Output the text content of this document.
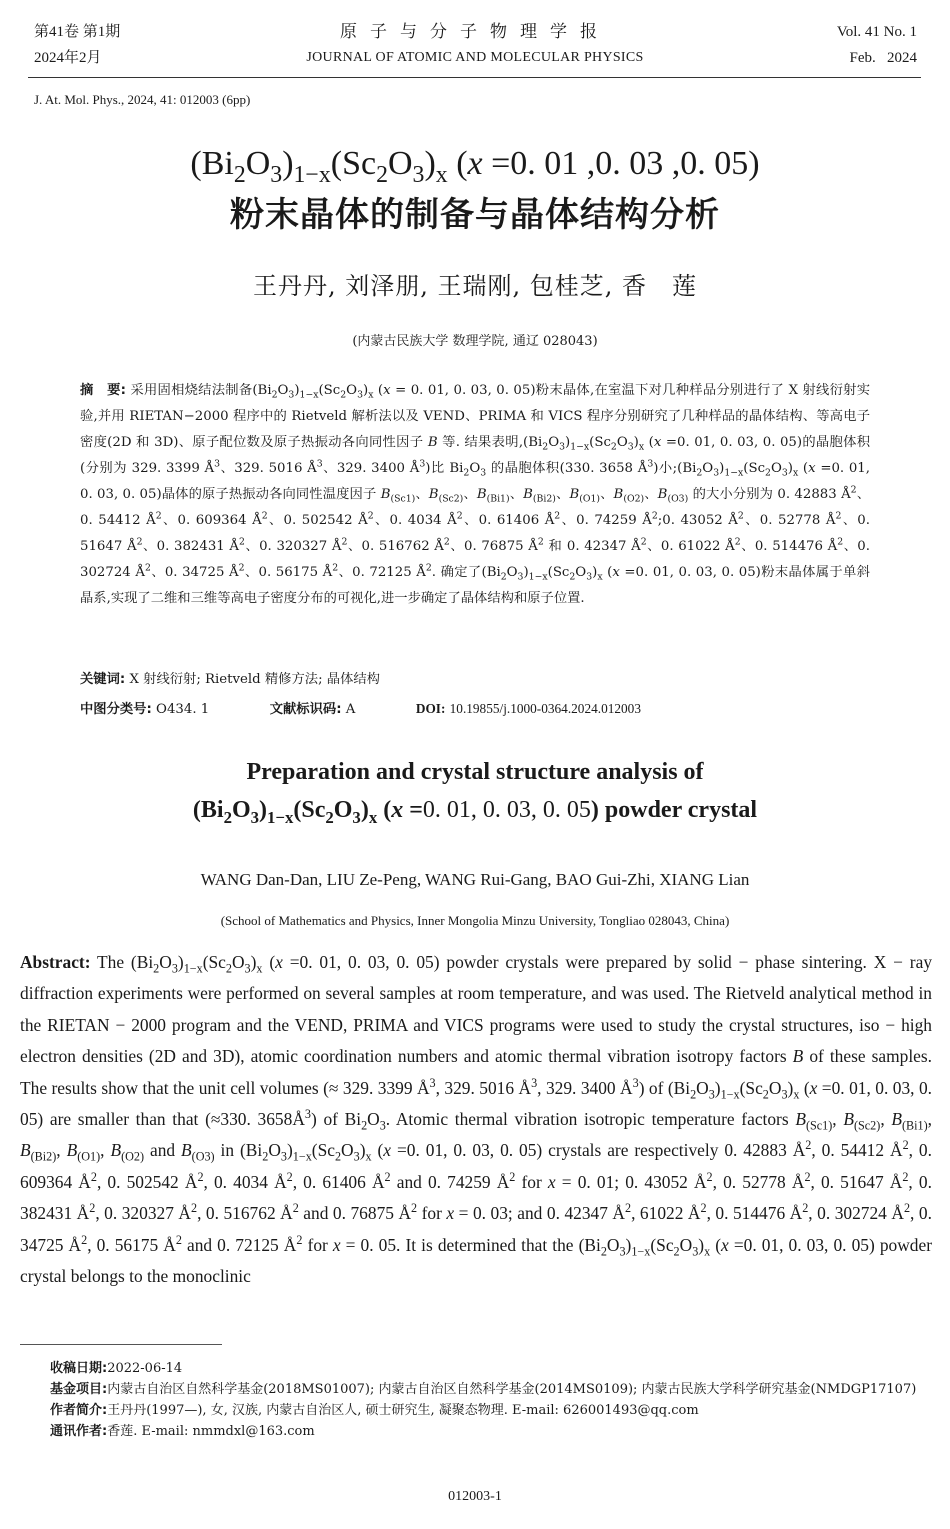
第41卷 第1期
2024年2月
原子与分子物理学报
JOURNAL OF ATOMIC AND MOLECULAR PHYSICS
Vol. 41 No. 1
Feb.   2024
J. At. Mol. Phys., 2024, 41: 012003 (6pp)
$(Bi_2O_3)_{1-x}(Sc_2O_3)_x$ (x =0. 01 ,0. 03 ,0. 05)
粉末晶体的制备与晶体结构分析
王丹丹, 刘泽朋, 王瑞刚, 包桂芝, 香　莲
(内蒙古民族大学 数理学院, 通辽 028043)
摘　要: 采用固相烧结法制备$(Bi_2O_3)_{1-x}(Sc_2O_3)_x$ (x = 0. 01, 0. 03, 0. 05)粉末晶体,在室温下对几种样品分别进行了 X 射线衍射实验,并用 RIETAN−2000 程序中的 Rietveld 解析法以及 VEND、PRIMA 和 VICS 程序分别研究了几种样品的晶体结构、等高电子密度(2D 和 3D)、原子配位数及原子热振动各向同性因子 B 等. 结果表明$,(Bi_2O_3)_{1-x}(Sc_2O_3)_x$ (x =0. 01, 0. 03, 0. 05)的晶胞体积(分别为 329. 3399 $Å^3$、329. 5016 $Å^3$、329. 3400 $Å^3$)比 $Bi_2O_3$ 的晶胞体积(330. 3658 $Å^3$)小$;(Bi_2O_3)_{1-x}(Sc_2O_3)_x$ (x =0. 01, 0. 03, 0. 05)晶体的原子热振动各向同性温度因子 $B_{(Sc1)}$、$B_{(Sc2)}$、$B_{(Bi1)}$、$B_{(Bi2)}$、$B_{(O1)}$、$B_{(O2)}$、$B_{(O3)}$ 的大小分别为 0. 42883 $Å^2$、0. 54412 $Å^2$、0. 609364 $Å^2$、0. 502542 $Å^2$、0. 4034 $Å^2$、0. 61406 $Å^2$、0. 74259 $Å^2;0$. 43052 $Å^2$、0. 52778 $Å^2$、0. 51647 $Å^2$、0. 382431 $Å^2$、0. 320327 $Å^2$、0. 516762 $Å^2$、0. 76875 $Å^2$ 和 0. 42347 $Å^2$、0. 61022 $Å^2$、0. 514476 $Å^2$、0. 302724 $Å^2$、0. 34725 $Å^2$、0. 56175 $Å^2$、0. 72125 $Å^2$. 确定了$(Bi_2O_3)_{1-x}(Sc_2O_3)_x$ (x =0. 01, 0. 03, 0. 05)粉末晶体属于单斜晶系,实现了二维和三维等高电子密度分布的可视化,进一步确定了晶体结构和原子位置.
关键词: X 射线衍射; Rietveld 精修方法; 晶体结构
中图分类号: O434. 1	文献标识码: A	DOI: 10.19855/j.1000-0364.2024.012003
Preparation and crystal structure analysis of
$(Bi_2O_3)_{1-x}(Sc_2O_3)_x$ (x =0. 01, 0. 03, 0. 05) powder crystal
WANG Dan-Dan, LIU Ze-Peng, WANG Rui-Gang, BAO Gui-Zhi, XIANG Lian
(School of Mathematics and Physics, Inner Mongolia Minzu University, Tongliao 028043, China)
Abstract: The $(Bi_2O_3)_{1-x}(Sc_2O_3)_x$ (x =0. 01, 0. 03, 0. 05) powder crystals were prepared by solid − phase sintering. X − ray diffraction experiments were performed on several samples at room temperature, and was used. The Rietveld analytical method in the RIETAN − 2000 program and the VEND, PRIMA and VICS programs were used to study the crystal structures, iso − high electron densities (2D and 3D), atomic coordination numbers and atomic thermal vibration isotropy factors B of these samples. The results show that the unit cell volumes (≈ 329. 3399 $Å^3$, 329. 5016 $Å^3$, 329. 3400 $Å^3$) of $(Bi_2O_3)_{1-x}(Sc_2O_3)_x$ (x =0. 01, 0. 03, 0. 05) are smaller than that (≈330. $3658Å^3$) of $Bi_2O_3$. Atomic thermal vibration isotropic temperature factors $B_{(Sc1)}$, $B_{(Sc2)}$, $B_{(Bi1)}$, $B_{(Bi2)}$, $B_{(O1)}$, $B_{(O2)}$ and $B_{(O3)}$ in $(Bi_2O_3)_{1-x}(Sc_2O_3)_x$ (x =0. 01, 0. 03, 0. 05) crystals are respectively 0. 42883 $Å^2$, 0. 54412 $Å^2$, 0. 609364 $Å^2$, 0. 502542 $Å^2$, 0. 4034 $Å^2$, 0. 61406 $Å^2$ and 0. 74259 $Å^2$ for x = 0. 01; 0. 43052 $Å^2$, 0. 52778 $Å^2$, 0. 51647 $Å^2$, 0. 382431 $Å^2$, 0. 320327 $Å^2$, 0. 516762 $Å^2$ and 0. 76875 $Å^2$ for x = 0. 03; and 0. 42347 $Å^2$, 61022 $Å^2$, 0. 514476 $Å^2$, 0. 302724 $Å^2$, 0. 34725 $Å^2$, 0. 56175 $Å^2$ and 0. 72125 $Å^2$ for x = 0. 05. It is determined that the $(Bi_2O_3)_{1-x}(Sc_2O_3)_x$ (x =0. 01, 0. 03, 0. 05) powder crystal belongs to the monoclinic
收稿日期: 2022-06-14
基金项目: 内蒙古自治区自然科学基金(2018MS01007); 内蒙古自治区自然科学基金(2014MS0109); 内蒙古民族大学科学研究基金(NMDGP17107)
作者简介: 王丹丹(1997—), 女, 汉族, 内蒙古自治区人, 硕士研究生, 凝聚态物理. E-mail: 626001493@qq.com
通讯作者: 香莲. E-mail: nmmdxl@163.com
012003-1
